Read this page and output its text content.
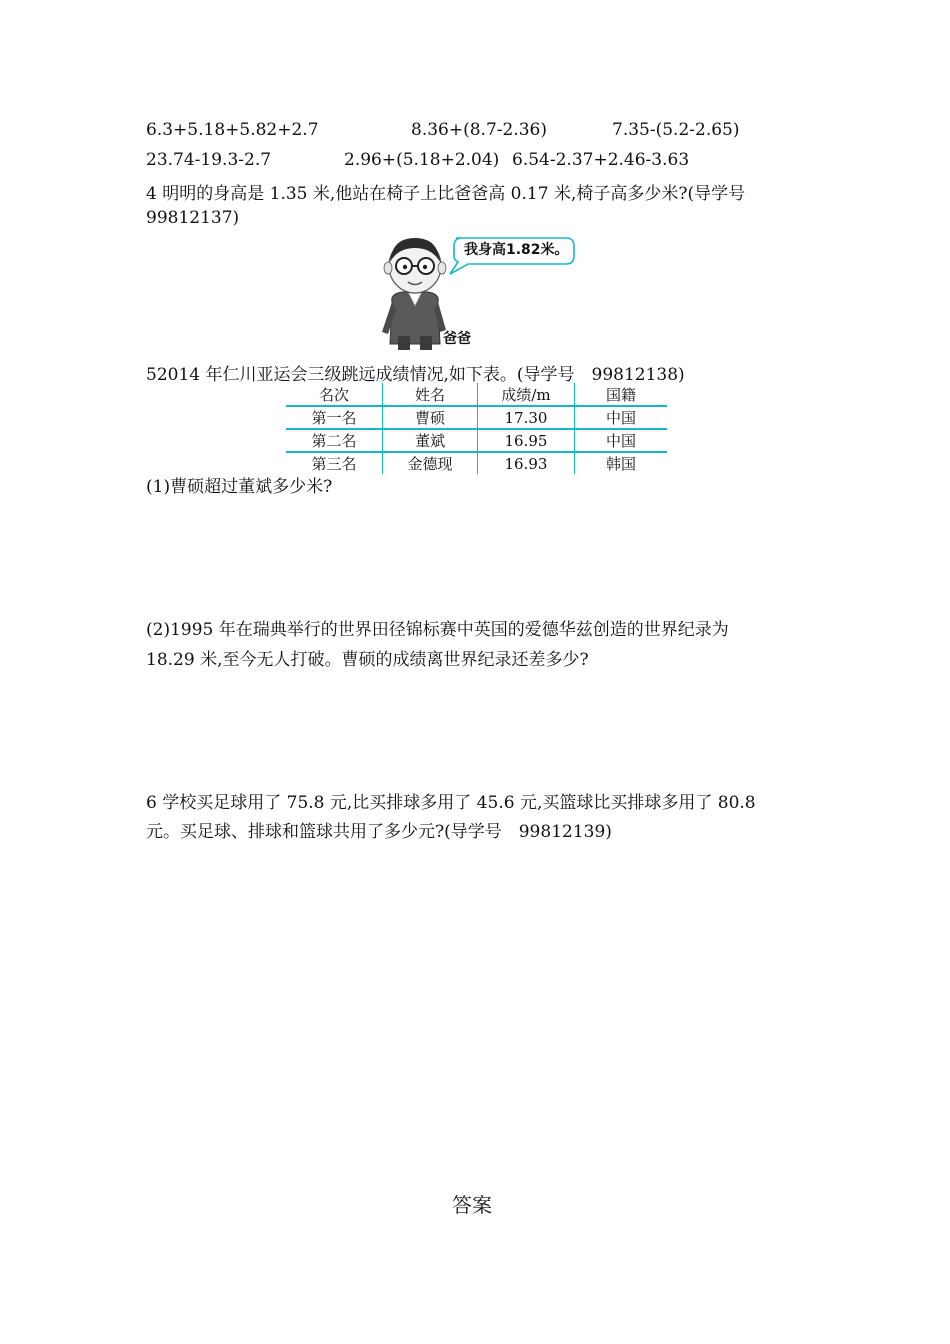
6.3+5.18+5.82+2.7	8.36+(8.7-2.36)	7.35-(5.2-2.65)
23.74-19.3-2.7	2.96+(5.18+2.04) 6.54-2.37+2.46-3.63
4 明明的身高是 1.35 米,他站在椅子上比爸爸高 0.17 米,椅子高多少米?(导学号
99812137)
我身高1.82米。
爸爸
52014 年仁川亚运会三级跳远成绩情况,如下表。(导学号　99812138)
名次	姓名	成绩/m	国籍
第一名	曹硕	17.30	中国
第二名	董斌	16.95	中国
第三名	金德现	16.93	韩国
(1)曹硕超过董斌多少米?
(2)1995 年在瑞典举行的世界田径锦标赛中英国的爱德华兹创造的世界纪录为
18.29 米,至今无人打破。曹硕的成绩离世界纪录还差多少?
6 学校买足球用了 75.8 元,比买排球多用了 45.6 元,买篮球比买排球多用了 80.8
元。买足球、排球和篮球共用了多少元?(导学号　99812139)
答案
